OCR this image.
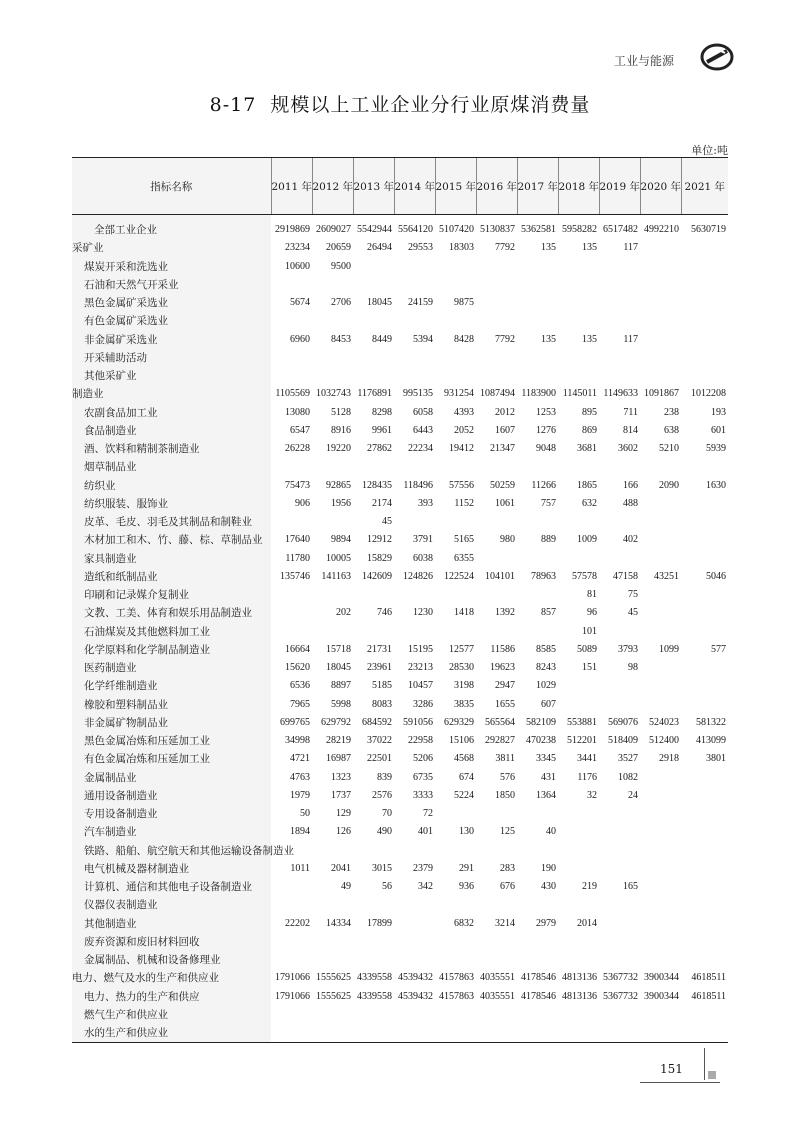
工业与能源
8-17 规模以上工业企业分行业原煤消费量
单位:吨
指标名称	2011 年	2012 年	2013 年	2014 年	2015 年	2016 年	2017 年	2018 年	2019 年	2020 年	2021 年

全部工业企业	2919869	2609027	5542944	5564120	5107420	5130837	5362581	5958282	6517482	4992210	5630719
采矿业	23234	20659	26494	29553	18303	7792	135	135	117		
煤炭开采和洗选业	10600	9500									
石油和天然气开采业											
黑色金属矿采选业	5674	2706	18045	24159	9875						
有色金属矿采选业											
非金属矿采选业	6960	8453	8449	5394	8428	7792	135	135	117		
开采辅助活动											
其他采矿业											
制造业	1105569	1032743	1176891	995135	931254	1087494	1183900	1145011	1149633	1091867	1012208
农副食品加工业	13080	5128	8298	6058	4393	2012	1253	895	711	238	193
食品制造业	6547	8916	9961	6443	2052	1607	1276	869	814	638	601
酒、饮料和精制茶制造业	26228	19220	27862	22234	19412	21347	9048	3681	3602	5210	5939
烟草制品业											
纺织业	75473	92865	128435	118496	57556	50259	11266	1865	166	2090	1630
纺织服装、服饰业	906	1956	2174	393	1152	1061	757	632	488		
皮革、毛皮、羽毛及其制品和制鞋业			45								
木材加工和木、竹、藤、棕、草制品业	17640	9894	12912	3791	5165	980	889	1009	402		
家具制造业	11780	10005	15829	6038	6355						
造纸和纸制品业	135746	141163	142609	124826	122524	104101	78963	57578	47158	43251	5046
印刷和记录媒介复制业								81	75		
文教、工美、体育和娱乐用品制造业		202	746	1230	1418	1392	857	96	45		
石油煤炭及其他燃料加工业								101			
化学原料和化学制品制造业	16664	15718	21731	15195	12577	11586	8585	5089	3793	1099	577
医药制造业	15620	18045	23961	23213	28530	19623	8243	151	98		
化学纤维制造业	6536	8897	5185	10457	3198	2947	1029				
橡胶和塑料制品业	7965	5998	8083	3286	3835	1655	607				
非金属矿物制品业	699765	629792	684592	591056	629329	565564	582109	553881	569076	524023	581322
黑色金属冶炼和压延加工业	34998	28219	37022	22958	15106	292827	470238	512201	518409	512400	413099
有色金属冶炼和压延加工业	4721	16987	22501	5206	4568	3811	3345	3441	3527	2918	3801
金属制品业	4763	1323	839	6735	674	576	431	1176	1082		
通用设备制造业	1979	1737	2576	3333	5224	1850	1364	32	24		
专用设备制造业	50	129	70	72							
汽车制造业	1894	126	490	401	130	125	40				
铁路、船舶、航空航天和其他运输设备制造业											
电气机械及器材制造业	1011	2041	3015	2379	291	283	190				
计算机、通信和其他电子设备制造业		49	56	342	936	676	430	219	165		
仪器仪表制造业											
其他制造业	22202	14334	17899		6832	3214	2979	2014			
废弃资源和废旧材料回收											
金属制品、机械和设备修理业											
电力、燃气及水的生产和供应业	1791066	1555625	4339558	4539432	4157863	4035551	4178546	4813136	5367732	3900344	4618511
电力、热力的生产和供应	1791066	1555625	4339558	4539432	4157863	4035551	4178546	4813136	5367732	3900344	4618511
燃气生产和供应业											
水的生产和供应业											
151
